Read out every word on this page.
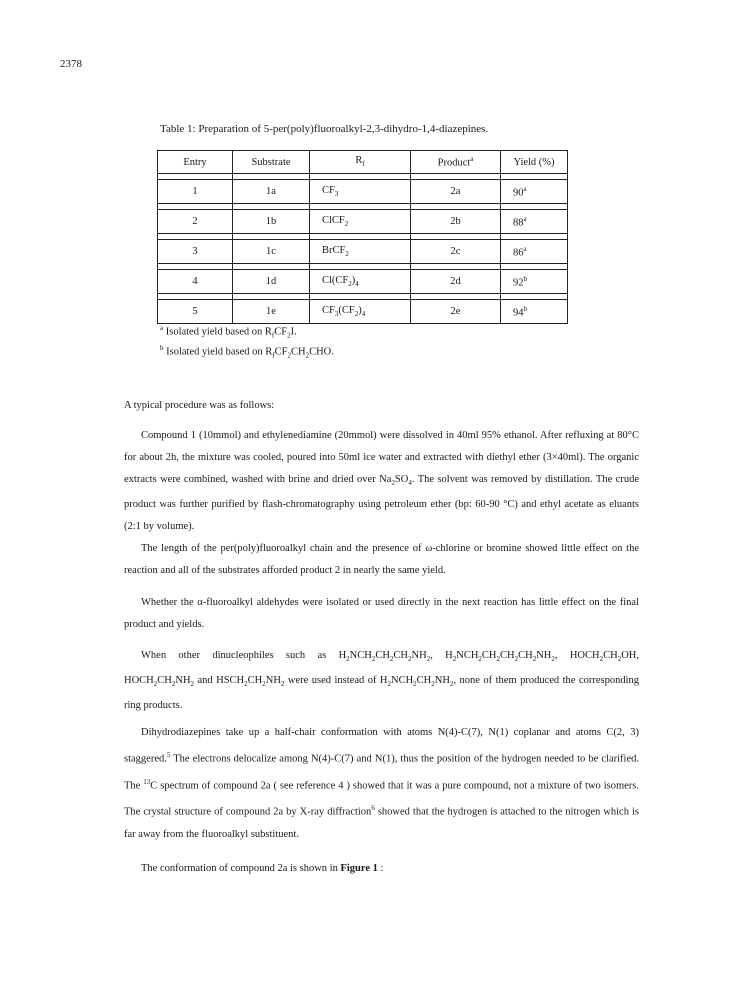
2378
Table 1: Preparation of 5-per(poly)fluoroalkyl-2,3-dihydro-1,4-diazepines.
Entry	Substrate	$R_f$	Product$^a$	Yield (%)

1	1a	$CF_3$	2a	90$^a$

2	1b	ClCF$_2$	2b	88$^a$

3	1c	BrCF$_2$	2c	86$^a$

4	1d	$Cl(CF_2)_4$	2d	92$^b$

5	1e	$CF_3(CF_2)_4$	2e	94$^b$
$^a$ Isolated yield based on $R_fCF_2I$.
$^b$ Isolated yield based on $R_fCF_2CH_2CHO$.
A typical procedure was as follows:
Compound 1 (10mmol) and ethylenediamine (20mmol) were dissolved in 40ml 95% ethanol. After refluxing at 80°C for about 2h, the mixture was cooled, poured into 50ml ice water and extracted with diethyl ether (3×40ml). The organic extracts were combined, washed with brine and dried over $Na_2SO_4$. The solvent was removed by distillation. The crude product was further purified by flash-chromatography using petroleum ether (bp: 60-90 °C) and ethyl acetate as eluants (2:1 by volume).
The length of the per(poly)fluoroalkyl chain and the presence of ω-chlorine or bromine showed little effect on the reaction and all of the substrates afforded product 2 in nearly the same yield.
Whether the α-fluoroalkyl aldehydes were isolated or used directly in the next reaction has little effect on the final product and yields.
When other dinucleophiles such as $H_2NCH_2CH_2CH_2NH_2$, $H_2NCH_2CH_2CH_2CH_2NH_2$, $HOCH_2CH_2OH$, $HOCH_2CH_2NH_2$ and $HSCH_2CH_2NH_2$ were used instead of $H_2NCH_2CH_2NH_2$, none of them produced the corresponding ring products.
Dihydrodiazepines take up a half-chair conformation with atoms N(4)-C(7), N(1) coplanar and atoms C(2, 3) staggered.$^5$ The electrons delocalize among N(4)-C(7) and N(1), thus the position of the hydrogen needed to be clarified. The $^{13}$C spectrum of compound 2a ( see reference 4 ) showed that it was a pure compound, not a mixture of two isomers. The crystal structure of compound 2a by X-ray diffraction$^6$ showed that the hydrogen is attached to the nitrogen which is far away from the fluoroalkyl substituent.
The conformation of compound 2a is shown in Figure 1 :
